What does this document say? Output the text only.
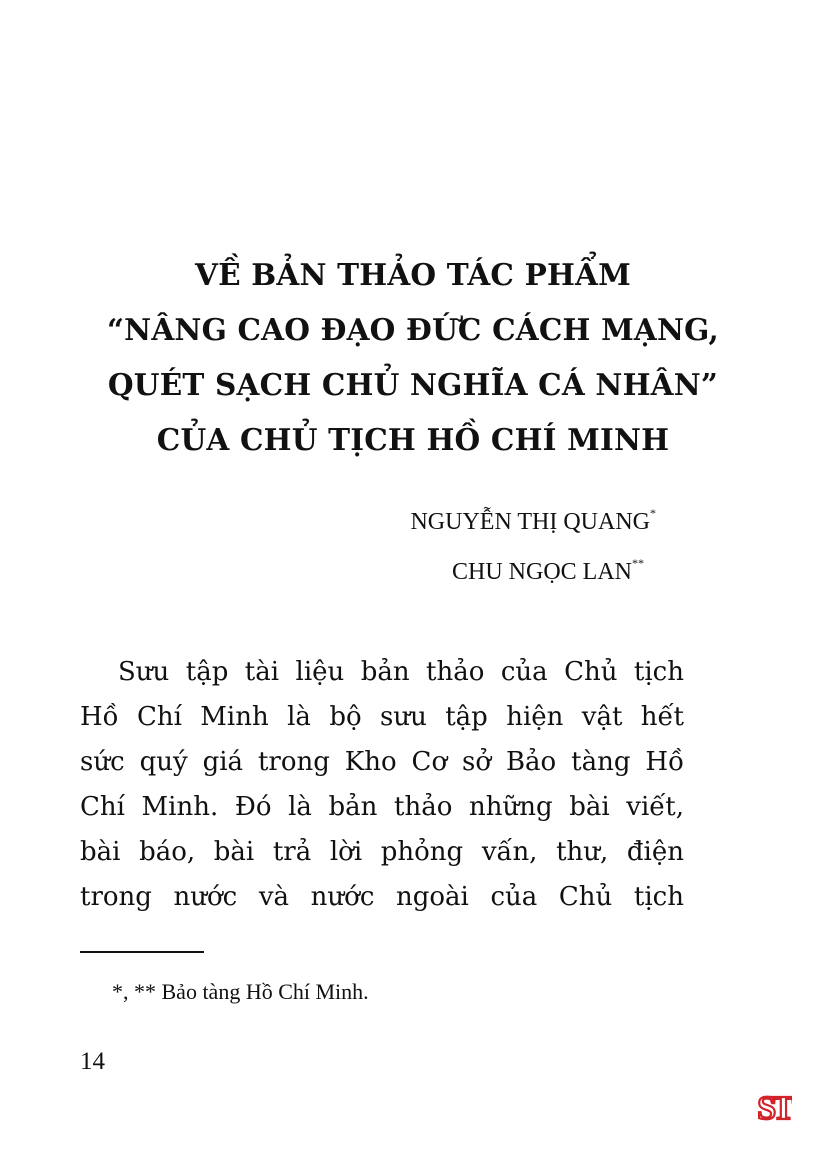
VỀ BẢN THẢO TÁC PHẨM
“NÂNG CAO ĐẠO ĐỨC CÁCH MẠNG,
QUÉT SẠCH CHỦ NGHĨA CÁ NHÂN”
CỦA CHỦ TỊCH HỒ CHÍ MINH
NGUYỄN THỊ QUANG*
CHU NGỌC LAN**
Sưu tập tài liệu bản thảo của Chủ tịch
Hồ Chí Minh là bộ sưu tập hiện vật hết
sức quý giá trong Kho Cơ sở Bảo tàng Hồ
Chí Minh. Đó là bản thảo những bài viết,
bài báo, bài trả lời phỏng vấn, thư, điện
trong nước và nước ngoài của Chủ tịch
*, ** Bảo tàng Hồ Chí Minh.
14
ST
